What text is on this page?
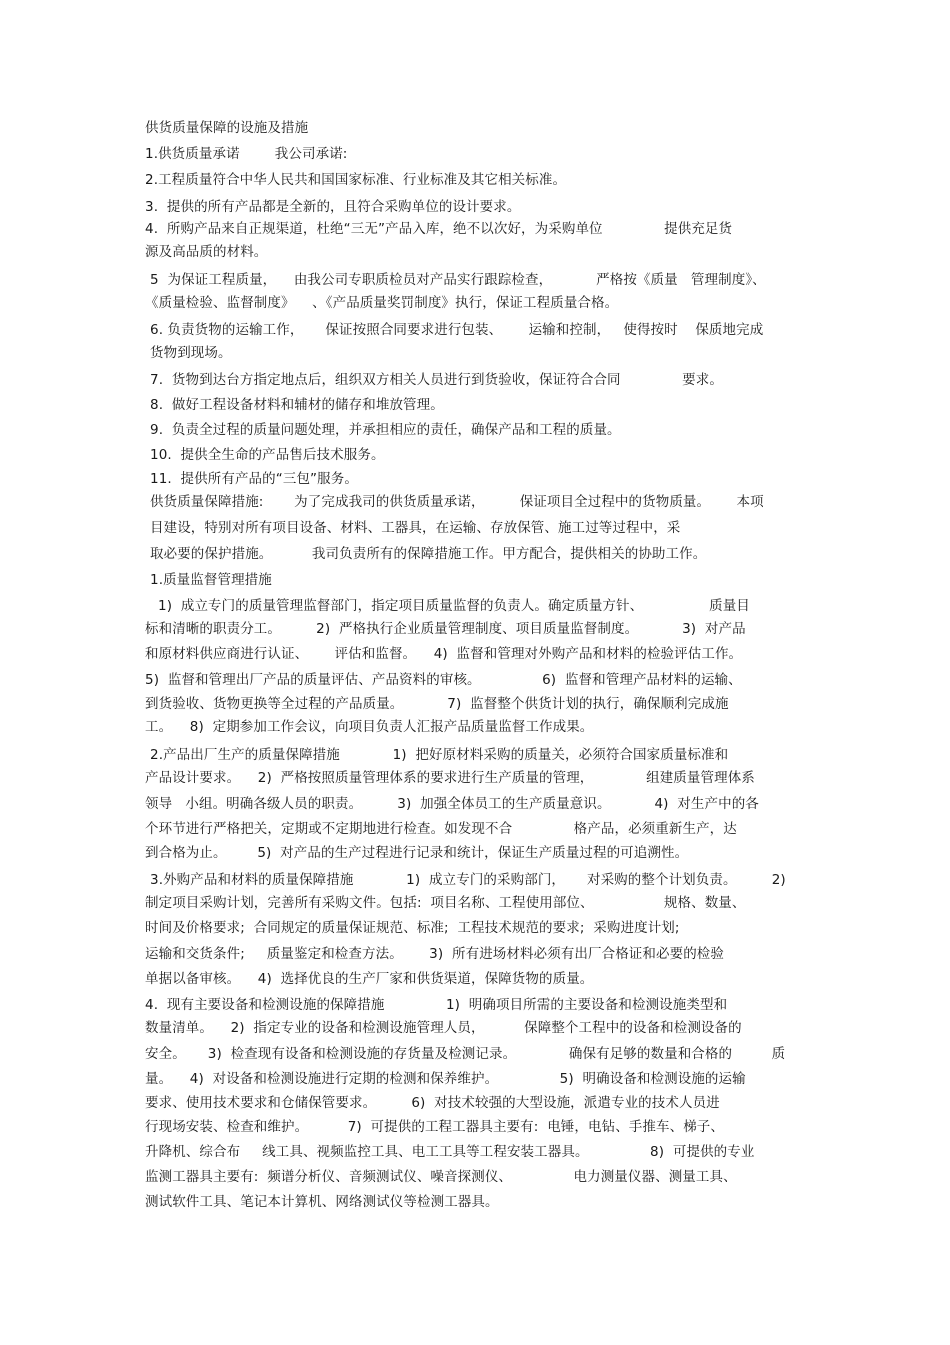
供货质量保障的设施及措施
1.供货质量承诺        我公司承诺:
2.工程质量符合中华人民共和国国家标准、行业标准及其它相关标准。
3.  提供的所有产品都是全新的，且符合采购单位的设计要求。
4.  所购产品来自正规渠道，杜绝“三无”产品入库，绝不以次好，为采购单位              提供充足货
源及高品质的材料。
5  为保证工程质量，    由我公司专职质检员对产品实行跟踪检查，          严格按《质量   管理制度》、
《质量检验、监督制度》    、《产品质量奖罚制度》执行，保证工程质量合格。
6. 负责货物的运输工作，     保证按照合同要求进行包装、      运输和控制，   使得按时    保质地完成
货物到现场。
7.  货物到达台方指定地点后，组织双方相关人员进行到货验收，保证符合合同              要求。
8.  做好工程设备材料和辅材的储存和堆放管理。
9.  负责全过程的质量问题处理，并承担相应的责任，确保产品和工程的质量。
10.  提供全生命的产品售后技术服务。
11.  提供所有产品的“三包”服务。
供货质量保障措施:       为了完成我司的供货质量承诺，        保证项目全过程中的货物质量。      本项
目建设，特别对所有项目设备、材料、工器具，在运输、存放保管、施工过等过程中，采
取必要的保护措施。         我司负责所有的保障措施工作。甲方配合，提供相关的协助工作。
1.质量监督管理措施
1)  成立专门的质量管理监督部门，指定项目质量监督的负责人。确定质量方针、               质量目
标和清晰的职责分工。        2)  严格执行企业质量管理制度、项目质量监督制度。          3)  对产品
和原材料供应商进行认证、      评估和监督。    4)  监督和管理对外购产品和材料的检验评估工作。
5)  监督和管理出厂产品的质量评估、产品资料的审核。              6)  监督和管理产品材料的运输、
到货验收、货物更换等全过程的产品质量。          7)  监督整个供货计划的执行，确保顺利完成施
工。    8)  定期参加工作会议，向项目负责人汇报产品质量监督工作成果。
2.产品出厂生产的质量保障措施            1)  把好原材料采购的质量关，必须符合国家质量标准和
产品设计要求。    2)  严格按照质量管理体系的要求进行生产质量的管理，            组建质量管理体系
领导   小组。明确各级人员的职责。        3)  加强全体员工的生产质量意识。          4)  对生产中的各
个环节进行严格把关，定期或不定期地进行检查。如发现不合              格产品，必须重新生产，达
到合格为止。       5)  对产品的生产过程进行记录和统计，保证生产质量过程的可追溯性。
3.外购产品和材料的质量保障措施            1)  成立专门的采购部门，     对采购的整个计划负责。        2)
制定项目采购计划，完善所有采购文件。包括:  项目名称、工程使用部位、                规格、数量、
时间及价格要求;  合同规定的质量保证规范、标准;  工程技术规范的要求;  采购进度计划;
运输和交货条件;     质量鉴定和检查方法。      3)  所有进场材料必须有出厂合格证和必要的检验
单据以备审核。    4)  选择优良的生产厂家和供货渠道，保障货物的质量。
4.  现有主要设备和检测设施的保障措施              1)  明确项目所需的主要设备和检测设施类型和
数量清单。    2)  指定专业的设备和检测设施管理人员，         保障整个工程中的设备和检测设备的
安全。     3)  检查现有设备和检测设施的存货量及检测记录。            确保有足够的数量和合格的         质
量。    4)  对设备和检测设施进行定期的检测和保养维护。              5)  明确设备和检测设施的运输
要求、使用技术要求和仓储保管要求。        6)  对技术较强的大型设施，派遣专业的技术人员进
行现场安装、检查和维护。         7)  可提供的工程工器具主要有:  电锤，电钻、手推车、梯子、
升降机、综合布     线工具、视频监控工具、电工工具等工程安装工器具。              8)  可提供的专业
监测工器具主要有:  频谱分析仪、音频测试仪、噪音探测仪、              电力测量仪器、测量工具、
测试软件工具、笔记本计算机、网络测试仪等检测工器具。
